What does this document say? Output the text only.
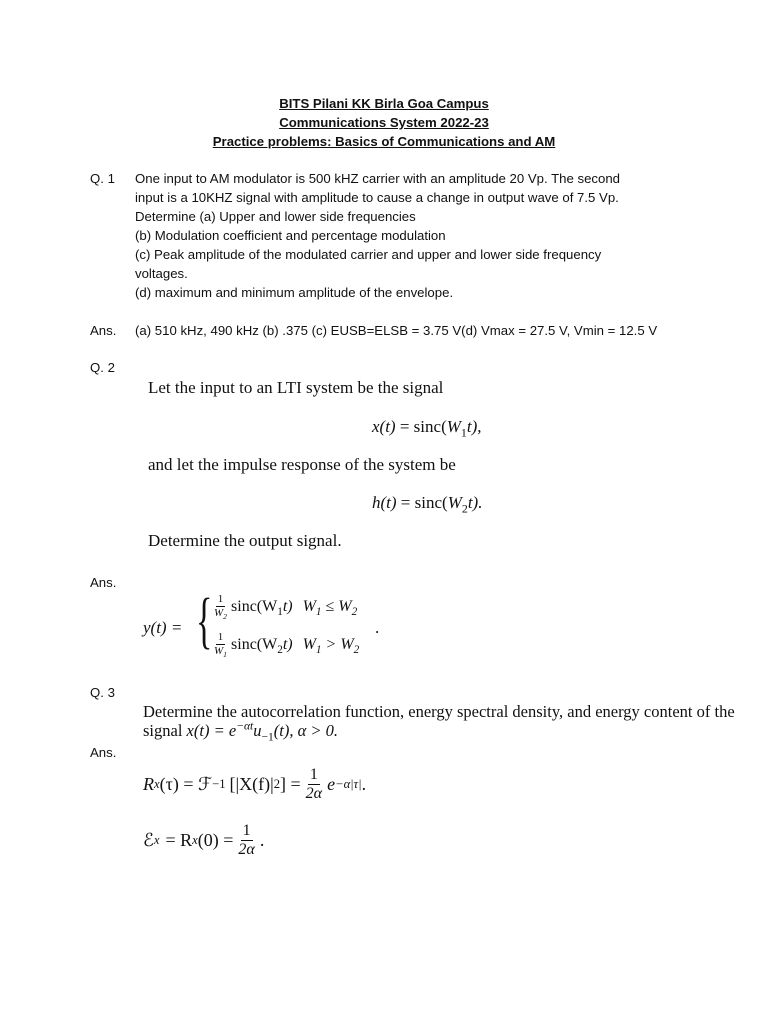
BITS Pilani KK Birla Goa Campus
Communications System 2022-23
Practice problems: Basics of Communications and AM
Q. 1 One input to AM modulator is 500 kHZ carrier with an amplitude 20 Vp. The second
input is a 10KHZ signal with amplitude to cause a change in output wave of 7.5 Vp.
Determine (a) Upper and lower side frequencies
(b) Modulation coefficient and percentage modulation
(c) Peak amplitude of the modulated carrier and upper and lower side frequency
voltages.
(d) maximum and minimum amplitude of the envelope.
Ans. (a) 510 kHz, 490 kHz (b) .375 (c) EUSB=ELSB = 3.75 V(d) Vmax = 27.5 V, Vmin = 12.5 V
Q. 2
Let the input to an LTI system be the signal
$x(t) = \sin c(W_1t)$,
and let the impulse response of the system be
$h(t) = \sin c(W_2t)$.
Determine the output signal.
Ans.
y(t) = { $\frac{1}{W_2} \sin c(W_1t) W_1 \le W_2$
$\frac{1}{W_1} \sin c(W_2t) W_1 > W_2$
.
Q. 3
Determine the autocorrelation function, energy spectral density, and energy content of the
signal $x(t) = e^{-\alpha t}u_{-1}(t)$, α > 0.
Ans.
R x (τ) = ℱ −1 [|X(f)| 2 ] = $\frac{1}{2\alpha}$ e −α|τ| .
ℰ x = R x $(0) = \frac{1}{2\alpha}$ .
